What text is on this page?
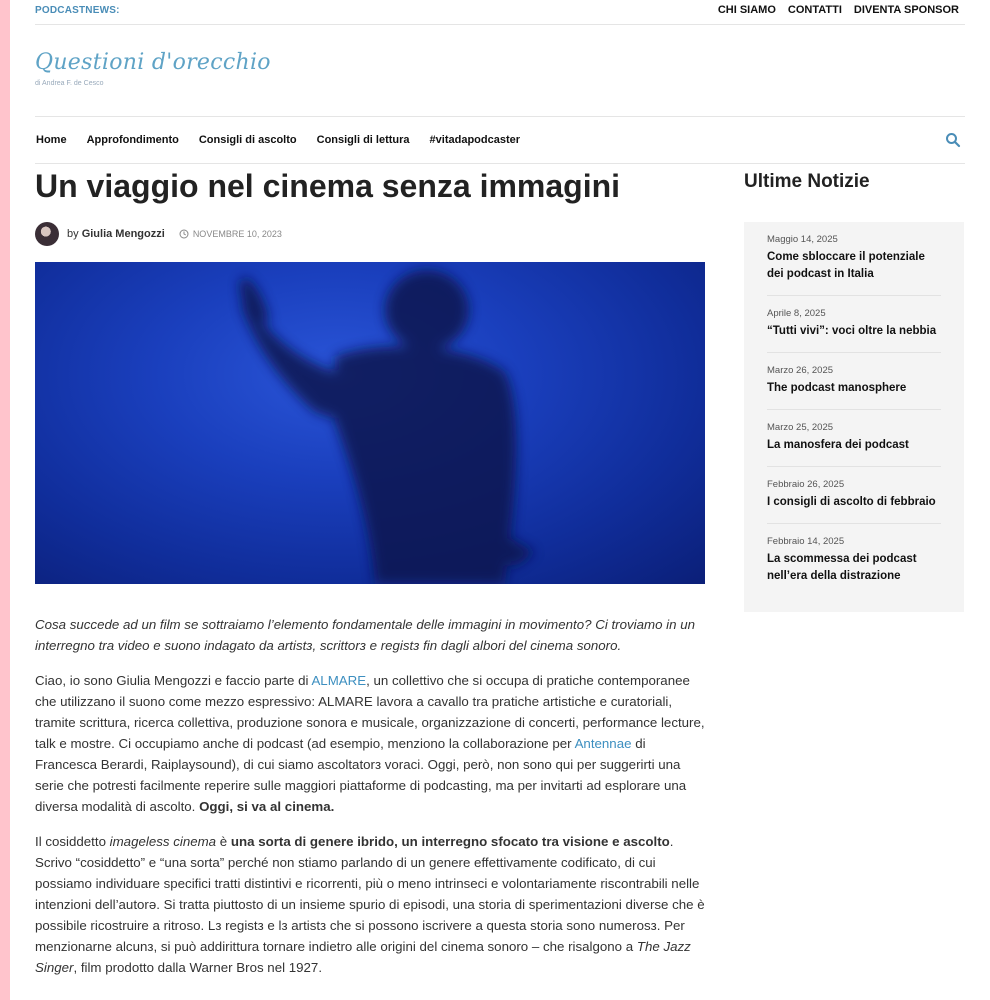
PODCASTNEWS:	CHI SIAMO CONTATTI DIVENTA SPONSOR
Questioni d'orecchio
di Andrea F. de Cesco
Home Approfondimento Consigli di ascolto Consigli di lettura #vitadapodcaster
Un viaggio nel cinema senza immagini
by Giulia Mengozzi	NOVEMBRE 10, 2023

Cosa succede ad un film se sottraiamo l’elemento fondamentale delle immagini in movimento? Ci troviamo in un interregno tra video e suono indagato da artistз, scrittorз e registз fin dagli albori del cinema sonoro.

Ciao, io sono Giulia Mengozzi e faccio parte di ALMARE, un collettivo che si occupa di pratiche contemporanee che utilizzano il suono come mezzo espressivo: ALMARE lavora a cavallo tra pratiche artistiche e curatoriali, tramite scrittura, ricerca collettiva, produzione sonora e musicale, organizzazione di concerti, performance lecture, talk e mostre. Ci occupiamo anche di podcast (ad esempio, menziono la collaborazione per Antennae di Francesca Berardi, Raiplaysound), di cui siamo ascoltatorз voraci. Oggi, però, non sono qui per suggerirti una serie che potresti facilmente reperire sulle maggiori piattaforme di podcasting, ma per invitarti ad esplorare una diversa modalità di ascolto. Oggi, si va al cinema.

Il cosiddetto imageless cinema è una sorta di genere ibrido, un interregno sfocato tra visione e ascolto. Scrivo “cosiddetto” e “una sorta” perché non stiamo parlando di un genere effettivamente codificato, di cui possiamo individuare specifici tratti distintivi e ricorrenti, più o meno intrinseci e volontariamente riscontrabili nelle intenzioni dell’autorə. Si tratta piuttosto di un insieme spurio di episodi, una storia di sperimentazioni diverse che è possibile ricostruire a ritroso. Lз registз e lз artistз che si possono iscrivere a questa storia sono numerosз. Per menzionarne alcunз, si può addirittura tornare indietro alle origini del cinema sonoro – che risalgono a The Jazz Singer, film prodotto dalla Warner Bros nel 1927.

Ultime Notizie
Maggio 14, 2025
Come sbloccare il potenziale dei podcast in Italia
Aprile 8, 2025
“Tutti vivi”: voci oltre la nebbia
Marzo 26, 2025
The podcast manosphere
Marzo 25, 2025
La manosfera dei podcast
Febbraio 26, 2025
I consigli di ascolto di febbraio
Febbraio 14, 2025
La scommessa dei podcast nell’era della distrazione
